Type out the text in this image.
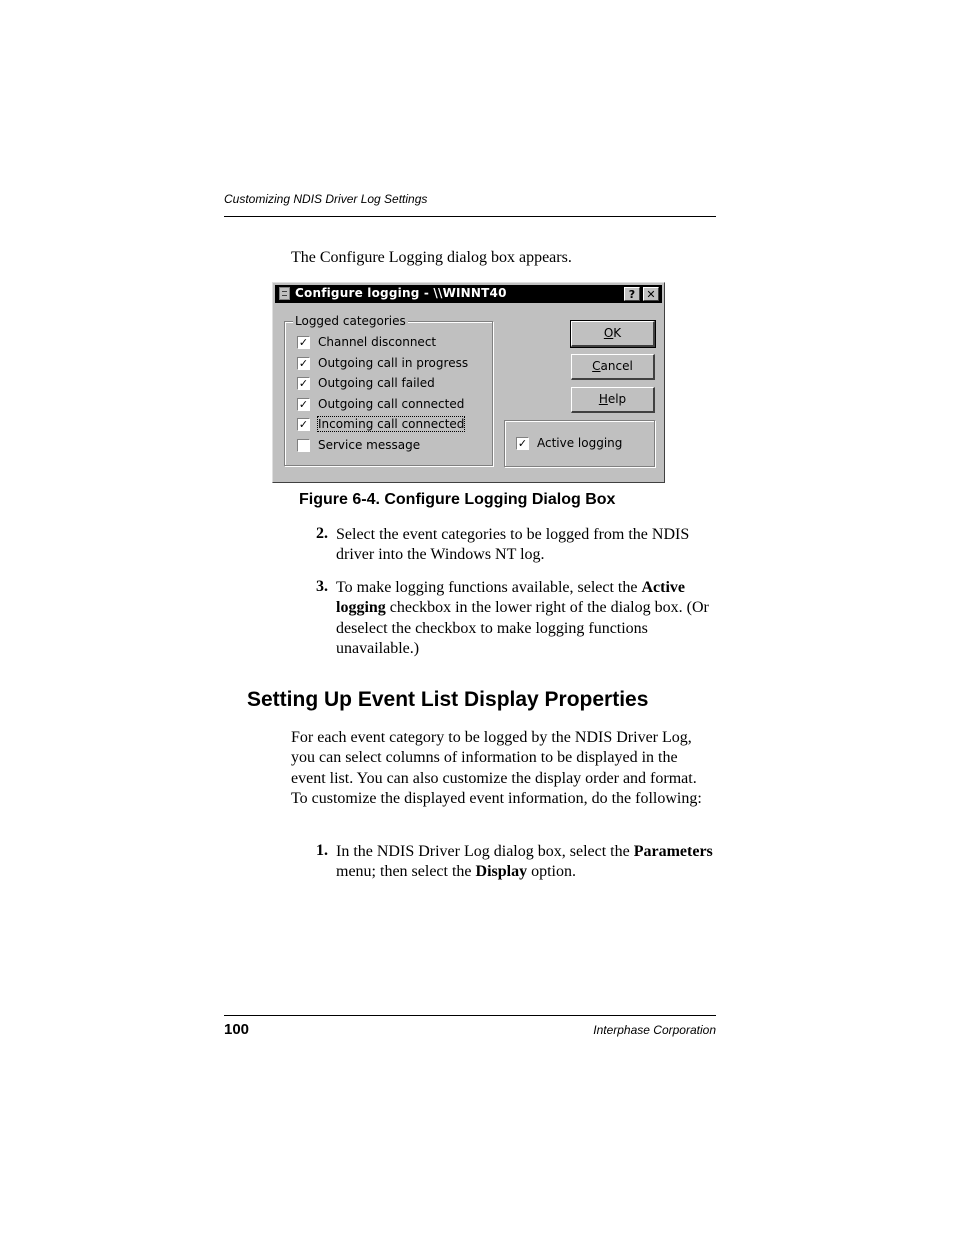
Customizing NDIS Driver Log Settings
The Configure Logging dialog box appears.
Configure logging - \\WINNT40	?	✕
Logged categories
✓ Channel disconnect
✓ Outgoing call in progress
✓ Outgoing call failed
✓ Outgoing call connected
✓ Incoming call connected
Service message
OK
Cancel
Help
✓ Active logging
Figure 6-4. Configure Logging Dialog Box
2. Select the event categories to be logged from the NDIS driver into the Windows NT log.
3. To make logging functions available, select the Active logging checkbox in the lower right of the dialog box. (Or deselect the checkbox to make logging functions unavailable.)
Setting Up Event List Display Properties
For each event category to be logged by the NDIS Driver Log, you can select columns of information to be displayed in the event list. You can also customize the display order and format. To customize the displayed event information, do the following:
1. In the NDIS Driver Log dialog box, select the Parameters menu; then select the Display option.
100	Interphase Corporation
